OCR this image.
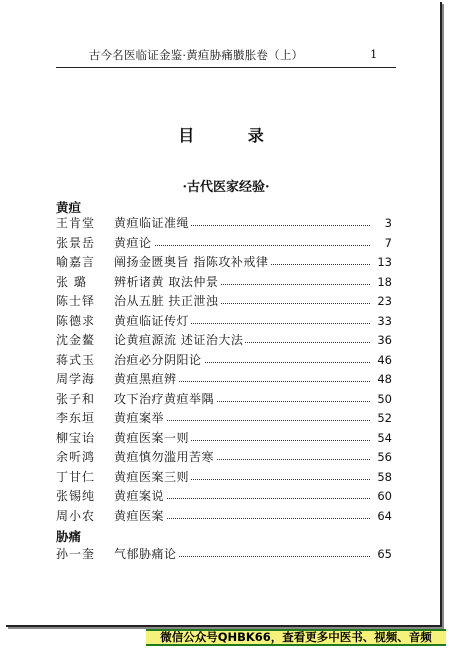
古今名医临证金鉴·黄疸胁痛臌胀卷（上）	1
目 录
·古代医家经验·
黄疸
王肯堂	黄疸临证准绳	3
张景岳	黄疸论	7
喻嘉言	阐扬金匮奥旨 指陈攻补戒律	13
张 璐	辨析诸黄 取法仲景	18
陈士铎	治从五脏 扶正泄浊	23
陈德求	黄疸临证传灯	33
沈金鳌	论黄疸源流 述证治大法	36
蒋式玉	治疸必分阴阳论	46
周学海	黄疸黑疸辨	48
张子和	攻下治疗黄疸举隅	50
李东垣	黄疸案举	52
柳宝诒	黄疸医案一则	54
余听鸿	黄疸慎勿滥用苦寒	56
丁甘仁	黄疸医案三则	58
张锡纯	黄疸案说	60
周小农	黄疸医案	64
胁痛
孙一奎	气郁胁痛论	65
微信公众号QHBK66，查看更多中医书、视频、音频
